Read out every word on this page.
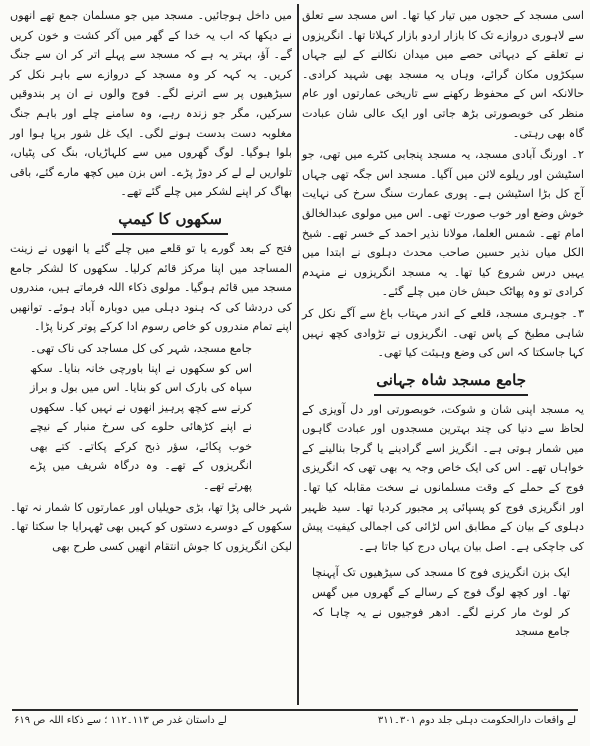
اسی مسجد کے حجوں میں تیار کیا تھا۔ اس مسجد سے تعلق سے لاہوری دروازے تک کا بازار اردو بازار کہلاتا تھا۔ انگریزوں نے تعلقے کے دیہاتی حصے میں میدان نکالنے کے لیے جہاں سیکڑوں مکان گرائے، وہاں یہ مسجد بھی شہید کرادی۔ حالانکہ اس کے محفوظ رکھنے سے تاریخی عمارتوں اور عام منظر کی خوبصورتی بڑھ جاتی اور ایک عالی شان عبادت گاہ بھی رہتی۔

۲۔ اورنگ آبادی مسجد، یہ مسجد پنجابی کٹرے میں تھی، جو اسٹیشن اور ریلوے لائن میں آگیا۔ مسجد اس جگہ تھی جہاں آج کل بڑا اسٹیشن ہے۔ پوری عمارت سنگ سرخ کی نہایت خوش وضع اور خوب صورت تھی۔ اس میں مولوی عبدالخالق امام تھے۔ شمس العلما، مولانا نذیر احمد کے خسر تھے۔ شیخ الکل میاں نذیر حسین صاحب محدث دہلوی نے ابتدا میں یہیں درس شروع کیا تھا۔ یہ مسجد انگریزوں نے منہدم کرادی تو وہ پھاٹک حبش خان میں چلے گئے۔

۳۔ جوہری مسجد، قلعے کے اندر مہتاب باغ سے آگے نکل کر شاہی مطبخ کے پاس تھی۔ انگریزوں نے تڑوادی کچھ نہیں کہا جاسکتا کہ اس کی وضع وہیئت کیا تھی۔

جامع مسجد شاہ جہانی

یہ مسجد اپنی شان و شوکت، خوبصورتی اور دل آویزی کے لحاظ سے دنیا کی چند بہترین مسجدوں اور عبادت گاہوں میں شمار ہوتی ہے۔ انگریز اسے گرادینے یا گرجا بنالینے کے خواہاں تھے۔ اس کی ایک خاص وجہ یہ بھی تھی کہ انگریزی فوج کے حملے کے وقت مسلمانوں نے سخت مقابلہ کیا تھا۔ اور انگریزی فوج کو پسپائی پر مجبور کردیا تھا۔ سید ظہیر دہلوی کے بیان کے مطابق اس لڑائی کی اجمالی کیفیت پیش کی جاچکی ہے۔ اصل بیان یہاں درج کیا جاتا ہے۔

ایک بزن انگریزی فوج کا مسجد کی سیڑھیوں تک آپہنچا تھا۔ اور کچھ لوگ فوج کے رسالے کے گھروں میں گھس کر لوٹ مار کرنے لگے۔ ادھر فوجیوں نے یہ چاہا کہ جامع مسجد

میں داخل ہوجائیں۔ مسجد میں جو مسلمان جمع تھے انھوں نے دیکھا کہ اب یہ خدا کے گھر میں آکر کشت و خون کریں گے۔ آؤ، بہتر یہ ہے کہ مسجد سے پہلے اتر کر ان سے جنگ کریں۔ یہ کہہ کر وہ مسجد کے دروازے سے باہر نکل کر سیڑھیوں پر سے اترنے لگے۔ فوج والوں نے ان پر بندوقیں سرکیں، مگر جو زندہ رہے، وہ سامنے چلے اور باہم جنگ مغلوبہ دست بدست ہونے لگی۔ ایک غل شور برپا ہوا اور بلوا ہوگیا۔ لوگ گھروں میں سے کلہاڑیاں، بنگ کی پٹیاں، تلواریں لے لے کر دوڑ پڑے۔ اس بزن میں کچھ مارے گئے، باقی بھاگ کر اپنے لشکر میں چلے گئے تھے۔

سکھوں کا کیمپ

فتح کے بعد گورے یا تو قلعے میں چلے گئے یا انھوں نے زینت المساجد میں اپنا مرکز قائم کرلیا۔ سکھوں کا لشکر جامع مسجد میں قائم ہوگیا۔ مولوی ذکاء اللہ فرماتے ہیں، مندروں کی دردشا کی کہ ہنود دہلی میں دوبارہ آباد ہوئے۔ توانھیں اپنے تمام مندروں کو خاص رسوم ادا کرکے پوتر کرنا پڑا۔

جامع مسجد، شہر کی کل مساجد کی ناک تھی۔ اس کو سکھوں نے اپنا باورچی خانہ بنایا۔ سکھ سپاہ کی بارک اس کو بنایا۔ اس میں بول و براز کرنے سے کچھ پرہیز انھوں نے نہیں کیا۔ سکھوں نے اپنے کڑھائی حلوے کی سرخ منبار کے نیچے خوب پکائے، سؤر ذبح کرکے پکاتے۔ کتے بھی انگریزوں کے تھے۔ وہ درگاہ شریف میں پڑے پھرتے تھے۔

شہر خالی پڑا تھا، بڑی حویلیاں اور عمارتوں کا شمار نہ تھا۔ سکھوں کے دوسرے دستوں کو کہیں بھی ٹھہرایا جا سکتا تھا۔ لیکن انگریزوں کا جوش انتقام انھیں کسی طرح بھی

لے واقعات دارالحکومت دہلی جلد دوم ۳۰۱۔۳۱۱
لے داستان غدر ص ۱۱۳۔۱۱۲ ؛ سے ذکاء اللہ ص ۶۱۹
